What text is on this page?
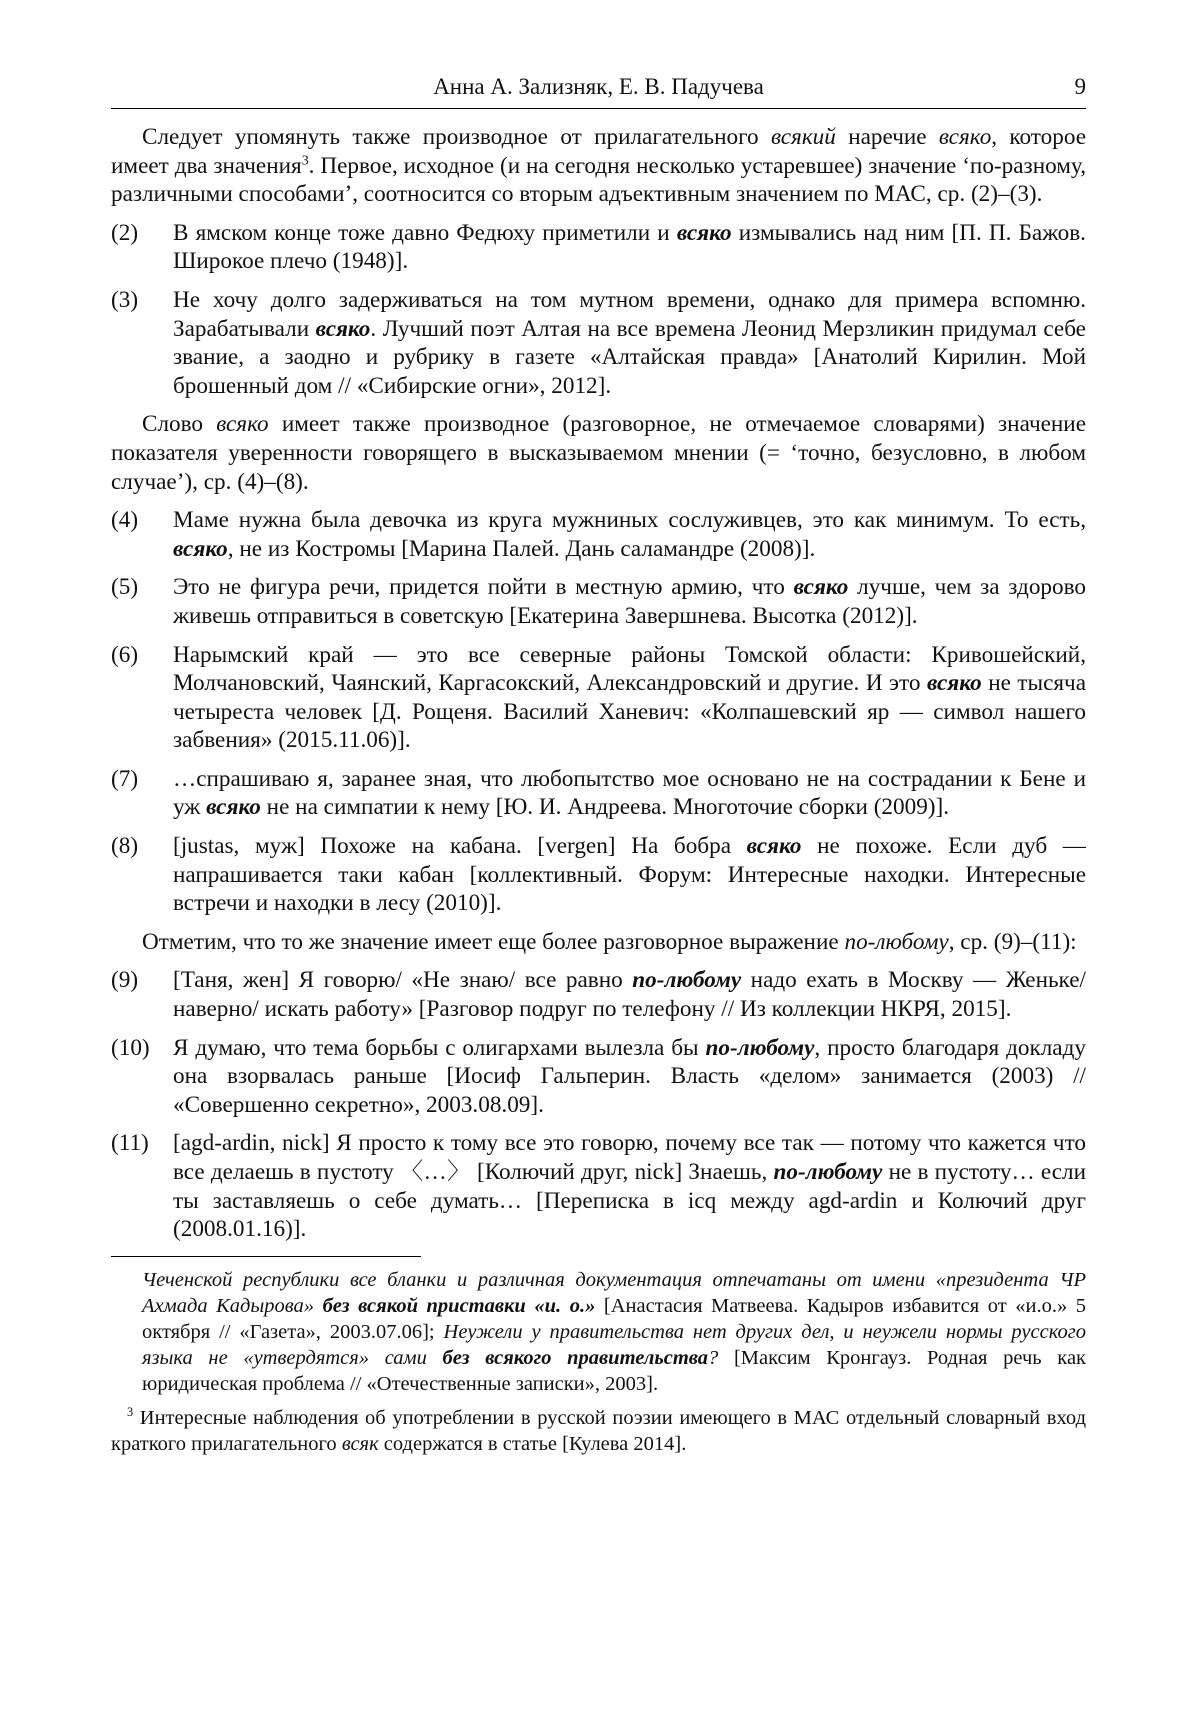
Анна А. Зализняк, Е. В. Падучева	9

Следует упомянуть также производное от прилагательного всякий наречие всяко, которое имеет два значения$^3$. Первое, исходное (и на сегодня несколько устаревшее) значение ‘по-разному, различными способами’, соотносится со вторым адъективным значением по МАС, ср. (2)–(3).

(2)	В ямском конце тоже давно Федюху приметили и всяко измывались над ним [П. П. Бажов. Широкое плечо (1948)].
(3)	Не хочу долго задерживаться на том мутном времени, однако для примера вспомню. Зарабатывали всяко. Лучший поэт Алтая на все времена Леонид Мерзликин придумал себе звание, а заодно и рубрику в газете «Алтайская правда» [Анатолий Кирилин. Мой брошенный дом // «Сибирские огни», 2012].

Слово всяко имеет также производное (разговорное, не отмечаемое словарями) значение показателя уверенности говорящего в высказываемом мнении (= ‘точно, безусловно, в любом случае’), ср. (4)–(8).

(4)	Маме нужна была девочка из круга мужниных сослуживцев, это как минимум. То есть, всяко, не из Костромы [Марина Палей. Дань саламандре (2008)].
(5)	Это не фигура речи, придется пойти в местную армию, что всяко лучше, чем за здорово живешь отправиться в советскую [Екатерина Завершнева. Высотка (2012)].
(6)	Нарымский край — это все северные районы Томской области: Кривошейский, Молчановский, Чаянский, Каргасокский, Александровский и другие. И это всяко не тысяча четыреста человек [Д. Рощеня. Василий Ханевич: «Колпашевский яр — символ нашего забвения» (2015.11.06)].
(7)	…спрашиваю я, заранее зная, что любопытство мое основано не на сострадании к Бене и уж всяко не на симпатии к нему [Ю. И. Андреева. Многоточие сборки (2009)].
(8)	[justas, муж] Похоже на кабана. [vergen] На бобра всяко не похоже. Если дуб — напрашивается таки кабан [коллективный. Форум: Интересные находки. Интересные встречи и находки в лесу (2010)].

Отметим, что то же значение имеет еще более разговорное выражение по-любому, ср. (9)–(11):

(9)	[Таня, жен] Я говорю/ «Не знаю/ все равно по-любому надо ехать в Москву — Женьке/ наверно/ искать работу» [Разговор подруг по телефону // Из коллекции НКРЯ, 2015].
(10)	Я думаю, что тема борьбы с олигархами вылезла бы по-любому, просто благодаря докладу она взорвалась раньше [Иосиф Гальперин. Власть «делом» занимается (2003) // «Совершенно секретно», 2003.08.09].
(11)	[agd-ardin, nick] Я просто к тому все это говорю, почему все так — потому что кажется что все делаешь в пустоту 〈…〉 [Колючий друг, nick] Знаешь, по-любому не в пустоту… если ты заставляешь о себе думать… [Переписка в icq между agd-ardin и Колючий друг (2008.01.16)].
Чеченской республики все бланки и различная документация отпечатаны от имени «президента ЧР Ахмада Кадырова» без всякой приставки «и. о.» [Анастасия Матвеева. Кадыров избавится от «и.о.» 5 октября // «Газета», 2003.07.06]; Неужели у правительства нет других дел, и неужели нормы русского языка не «утвердятся» сами без всякого правительства? [Максим Кронгауз. Родная речь как юридическая проблема // «Отечественные записки», 2003].
$^3$ Интересные наблюдения об употреблении в русской поэзии имеющего в МАС отдельный словарный вход краткого прилагательного всяк содержатся в статье [Кулева 2014].
